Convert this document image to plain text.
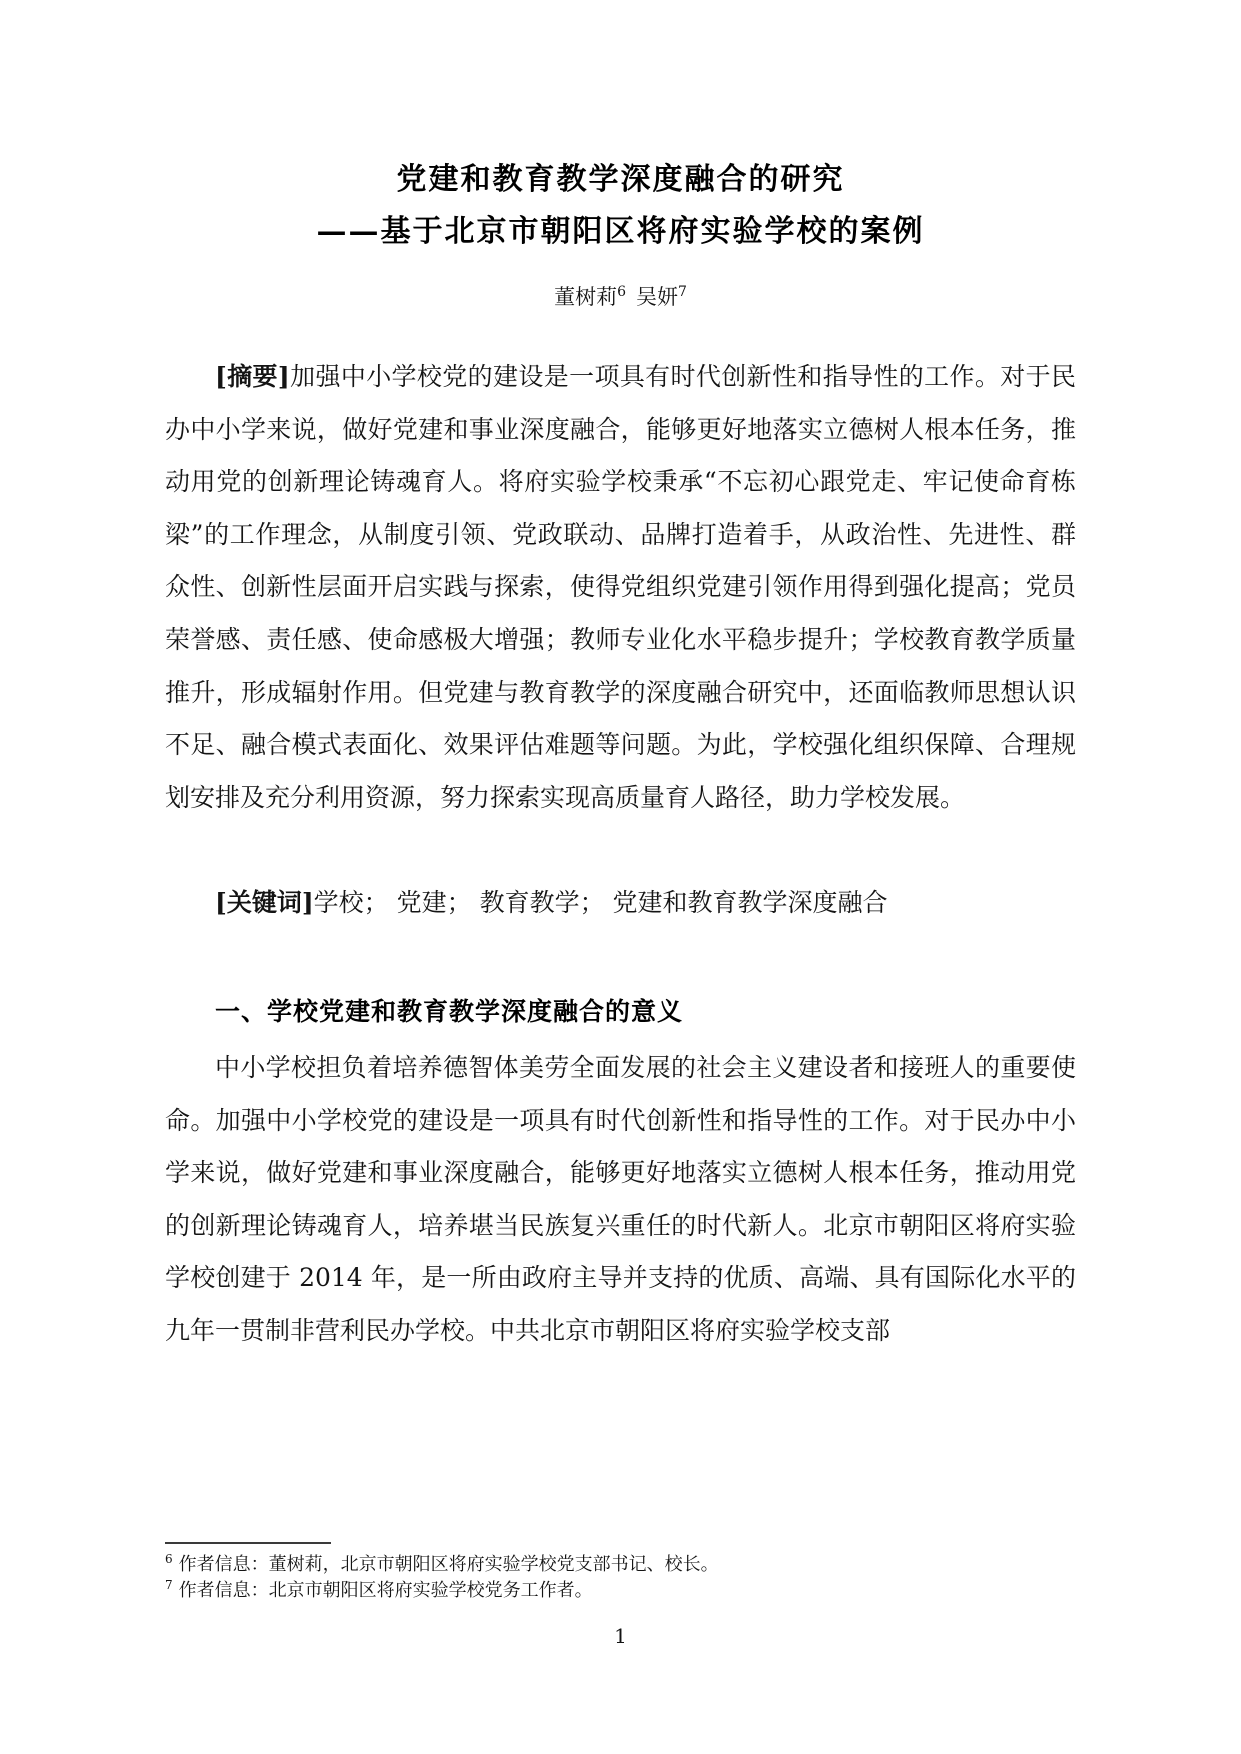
党建和教育教学深度融合的研究
——基于北京市朝阳区将府实验学校的案例
董树莉$^6$ 吴妍$^7$

[摘要]加强中小学校党的建设是一项具有时代创新性和指导性的工作。对于民办中小学来说，做好党建和事业深度融合，能够更好地落实立德树人根本任务，推动用党的创新理论铸魂育人。将府实验学校秉承“不忘初心跟党走、牢记使命育栋梁”的工作理念，从制度引领、党政联动、品牌打造着手，从政治性、先进性、群众性、创新性层面开启实践与探索，使得党组织党建引领作用得到强化提高；党员荣誉感、责任感、使命感极大增强；教师专业化水平稳步提升；学校教育教学质量推升，形成辐射作用。但党建与教育教学的深度融合研究中，还面临教师思想认识不足、融合模式表面化、效果评估难题等问题。为此，学校强化组织保障、合理规划安排及充分利用资源，努力探索实现高质量育人路径，助力学校发展。

[关键词]学校； 党建； 教育教学； 党建和教育教学深度融合

一、学校党建和教育教学深度融合的意义

中小学校担负着培养德智体美劳全面发展的社会主义建设者和接班人的重要使命。加强中小学校党的建设是一项具有时代创新性和指导性的工作。对于民办中小学来说，做好党建和事业深度融合，能够更好地落实立德树人根本任务，推动用党的创新理论铸魂育人，培养堪当民族复兴重任的时代新人。北京市朝阳区将府实验学校创建于 2014 年，是一所由政府主导并支持的优质、高端、具有国际化水平的九年一贯制非营利民办学校。中共北京市朝阳区将府实验学校支部

$^6$ 作者信息：董树莉，北京市朝阳区将府实验学校党支部书记、校长。
$^7$ 作者信息：北京市朝阳区将府实验学校党务工作者。
1
